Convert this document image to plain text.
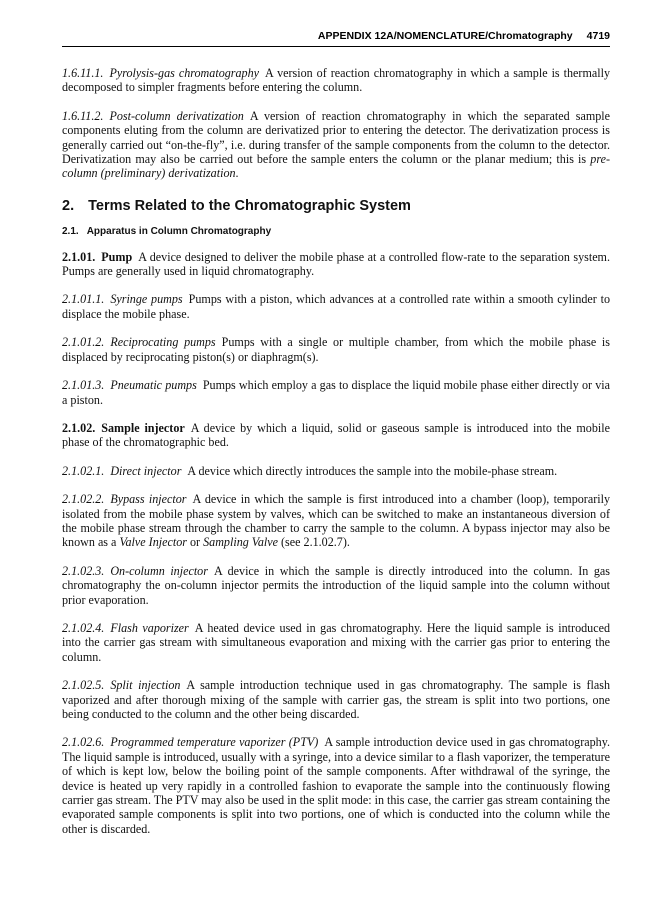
APPENDIX 12A/NOMENCLATURE/Chromatography 4719

1.6.11.1. Pyrolysis-gas chromatography A version of reaction chromatography in which a sample is thermally decomposed to simpler fragments before entering the column.

1.6.11.2. Post-column derivatization A version of reaction chromatography in which the separated sample components eluting from the column are derivatized prior to entering the detector. The derivatization process is generally carried out “on-the-fly”, i.e. during transfer of the sample components from the column to the detector. Derivatization may also be carried out before the sample enters the column or the planar medium; this is pre-column (preliminary) derivatization.

2. Terms Related to the Chromatographic System
2.1. Apparatus in Column Chromatography

2.1.01. Pump A device designed to deliver the mobile phase at a controlled flow-rate to the separation system. Pumps are generally used in liquid chromatography.

2.1.01.1. Syringe pumps Pumps with a piston, which advances at a controlled rate within a smooth cylinder to displace the mobile phase.

2.1.01.2. Reciprocating pumps Pumps with a single or multiple chamber, from which the mobile phase is displaced by reciprocating piston(s) or diaphragm(s).

2.1.01.3. Pneumatic pumps Pumps which employ a gas to displace the liquid mobile phase either directly or via a piston.

2.1.02. Sample injector A device by which a liquid, solid or gaseous sample is introduced into the mobile phase of the chromatographic bed.

2.1.02.1. Direct injector A device which directly introduces the sample into the mobile-phase stream.

2.1.02.2. Bypass injector A device in which the sample is first introduced into a chamber (loop), temporarily isolated from the mobile phase system by valves, which can be switched to make an instantaneous diversion of the mobile phase stream through the chamber to carry the sample to the column. A bypass injector may also be known as a Valve Injector or Sampling Valve (see 2.1.02.7).

2.1.02.3. On-column injector A device in which the sample is directly introduced into the column. In gas chromatography the on-column injector permits the introduction of the liquid sample into the column without prior evaporation.

2.1.02.4. Flash vaporizer A heated device used in gas chromatography. Here the liquid sample is introduced into the carrier gas stream with simultaneous evaporation and mixing with the carrier gas prior to entering the column.

2.1.02.5. Split injection A sample introduction technique used in gas chromatography. The sample is flash vaporized and after thorough mixing of the sample with carrier gas, the stream is split into two portions, one being conducted to the column and the other being discarded.

2.1.02.6. Programmed temperature vaporizer (PTV) A sample introduction device used in gas chromatography. The liquid sample is introduced, usually with a syringe, into a device similar to a flash vaporizer, the temperature of which is kept low, below the boiling point of the sample components. After withdrawal of the syringe, the device is heated up very rapidly in a controlled fashion to evaporate the sample into the continuously flowing carrier gas stream. The PTV may also be used in the split mode: in this case, the carrier gas stream containing the evaporated sample components is split into two portions, one of which is conducted into the column while the other is discarded.
